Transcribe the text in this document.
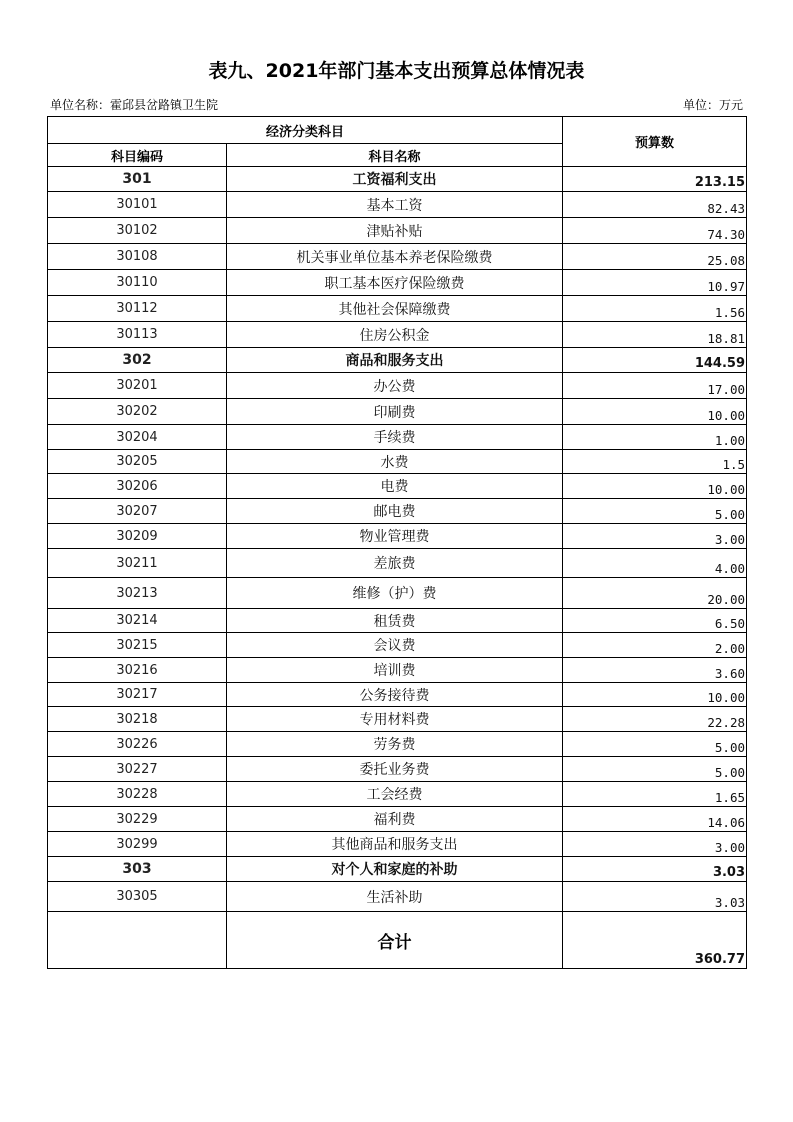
表九、2021年部门基本支出预算总体情况表
单位名称：霍邱县岔路镇卫生院	单位：万元
经济分类科目		预算数
科目编码	科目名称	
301	工资福利支出	213.15
30101	基本工资	82.43
30102	津贴补贴	74.30
30108	机关事业单位基本养老保险缴费	25.08
30110	职工基本医疗保险缴费	10.97
30112	其他社会保障缴费	1.56
30113	住房公积金	18.81
302	商品和服务支出	144.59
30201	办公费	17.00
30202	印刷费	10.00
30204	手续费	1.00
30205	水费	1.5
30206	电费	10.00
30207	邮电费	5.00
30209	物业管理费	3.00
30211	差旅费	4.00
30213	维修（护）费	20.00
30214	租赁费	6.50
30215	会议费	2.00
30216	培训费	3.60
30217	公务接待费	10.00
30218	专用材料费	22.28
30226	劳务费	5.00
30227	委托业务费	5.00
30228	工会经费	1.65
30229	福利费	14.06
30299	其他商品和服务支出	3.00
303	对个人和家庭的补助	3.03
30305	生活补助	3.03
	合计	360.77
